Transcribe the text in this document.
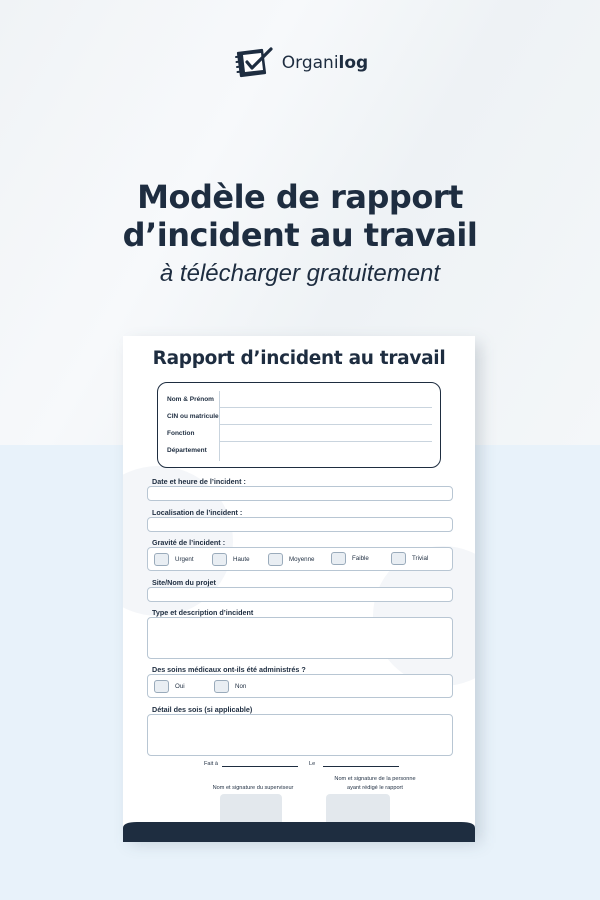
Organilog
Modèle de rapport
d’incident au travail
à télécharger gratuitement
Rapport d’incident au travail
Nom & Prénom
CIN ou matricule
Fonction
Département
Date et heure de l’incident :
Localisation de l’incident :
Gravité de l’incident :
Urgent	Haute	Moyenne	Faible	Trivial
Site/Nom du projet
Type et description d’incident
Des soins médicaux ont-ils été administrés ?
Oui	Non
Détail des sois (si applicable)
Fait à	Le
Nom et signature du superviseur
Nom et signature de la personne
ayant rédigé le rapport
